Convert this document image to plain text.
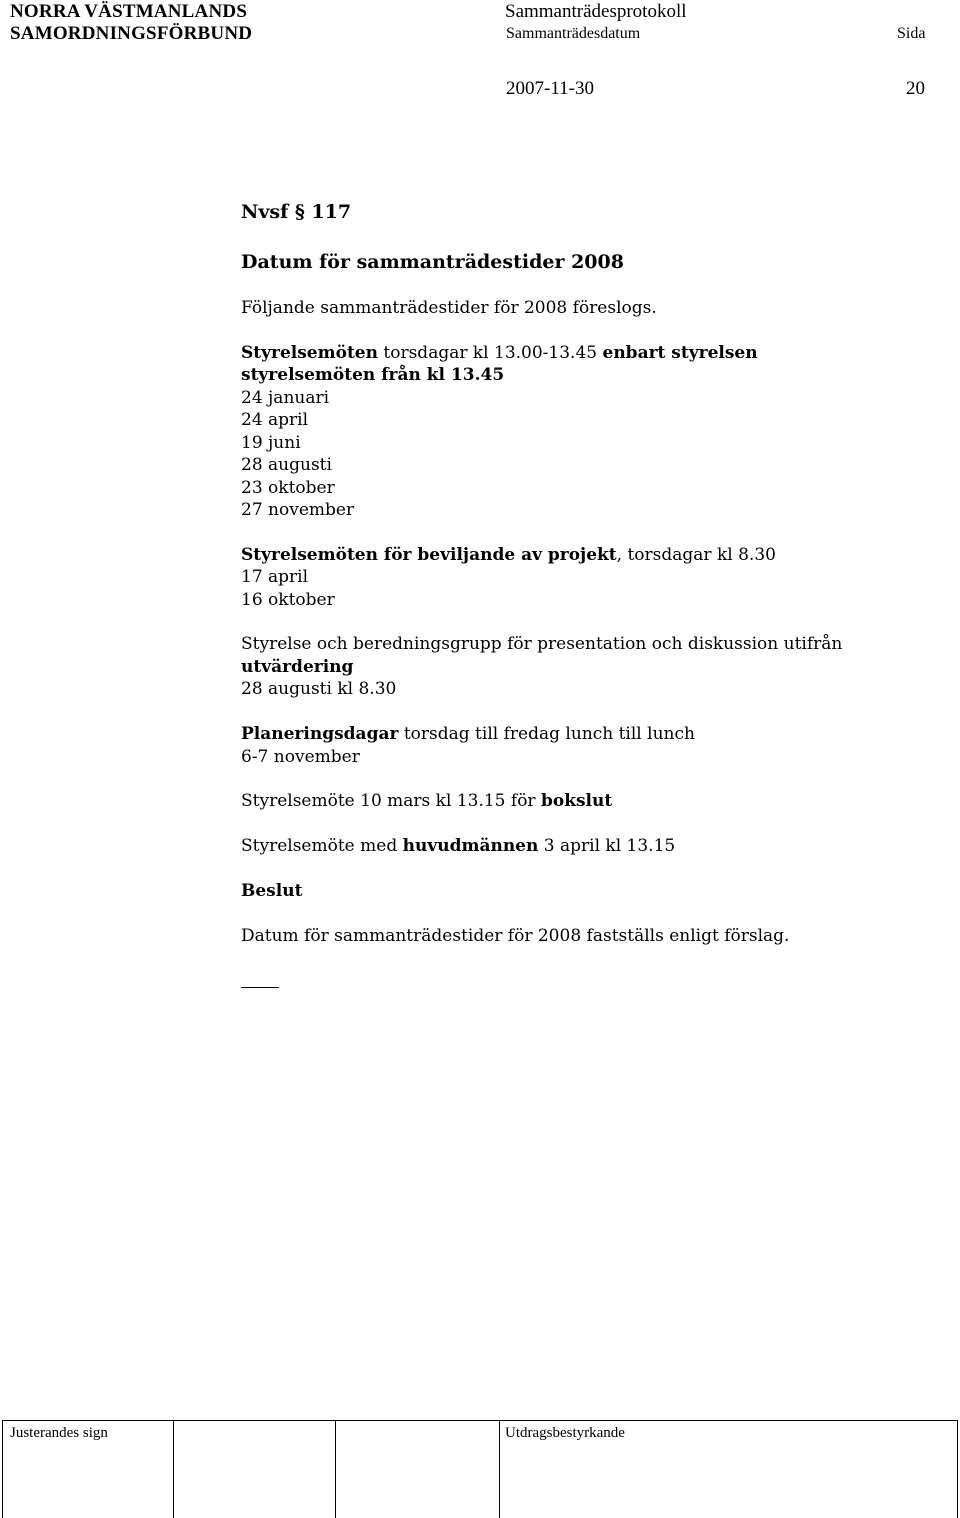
NORRA VÄSTMANLANDS
SAMORDNINGSFÖRBUND
Sammanträdesprotokoll
Sammanträdesdatum	Sida
2007-11-30	20
Nvsf § 117
Datum för sammanträdestider 2008
Följande sammanträdestider för 2008 föreslogs.
Styrelsemöten torsdagar kl 13.00-13.45 enbart styrelsen
styrelsemöten från kl 13.45
24 januari
24 april
19 juni
28 augusti
23 oktober
27 november
Styrelsemöten för beviljande av projekt, torsdagar kl 8.30
17 april
16 oktober
Styrelse och beredningsgrupp för presentation och diskussion utifrån
utvärdering
28 augusti kl 8.30
Planeringsdagar torsdag till fredag lunch till lunch
6-7 november
Styrelsemöte 10 mars kl 13.15 för bokslut
Styrelsemöte med huvudmännen 3 april kl 13.15
Beslut
Datum för sammanträdestider för 2008 fastställs enligt förslag.
Justerandes sign	Utdragsbestyrkande
